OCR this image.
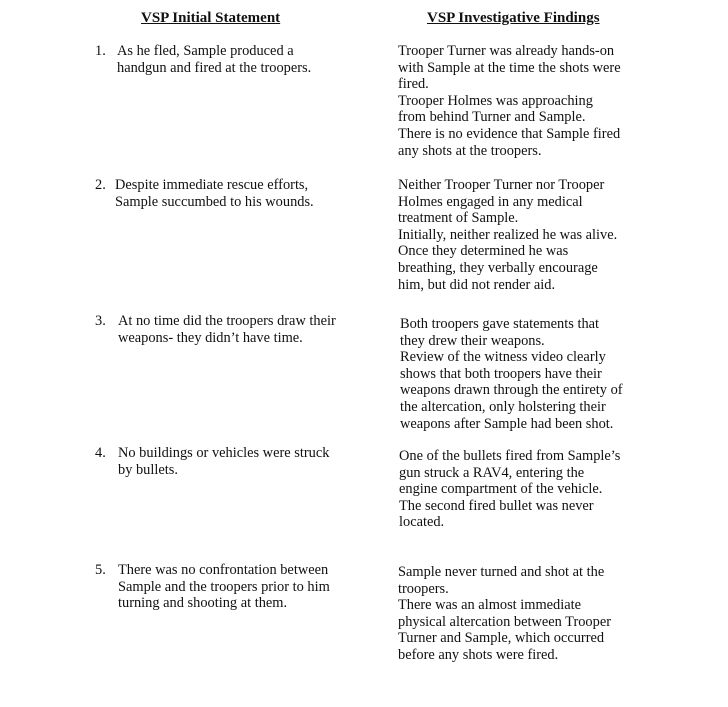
VSP Initial Statement	VSP Investigative Findings
1. As he fled, Sample produced a
handgun and fired at the troopers.
Trooper Turner was already hands-on
with Sample at the time the shots were
fired.
Trooper Holmes was approaching
from behind Turner and Sample.
There is no evidence that Sample fired
any shots at the troopers.
2. Despite immediate rescue efforts,
Sample succumbed to his wounds.
Neither Trooper Turner nor Trooper
Holmes engaged in any medical
treatment of Sample.
Initially, neither realized he was alive.
Once they determined he was
breathing, they verbally encourage
him, but did not render aid.
3. At no time did the troopers draw their
weapons- they didn’t have time.
Both troopers gave statements that
they drew their weapons.
Review of the witness video clearly
shows that both troopers have their
weapons drawn through the entirety of
the altercation, only holstering their
weapons after Sample had been shot.
4. No buildings or vehicles were struck
by bullets.
One of the bullets fired from Sample’s
gun struck a RAV4, entering the
engine compartment of the vehicle.
The second fired bullet was never
located.
5. There was no confrontation between
Sample and the troopers prior to him
turning and shooting at them.
Sample never turned and shot at the
troopers.
There was an almost immediate
physical altercation between Trooper
Turner and Sample, which occurred
before any shots were fired.
